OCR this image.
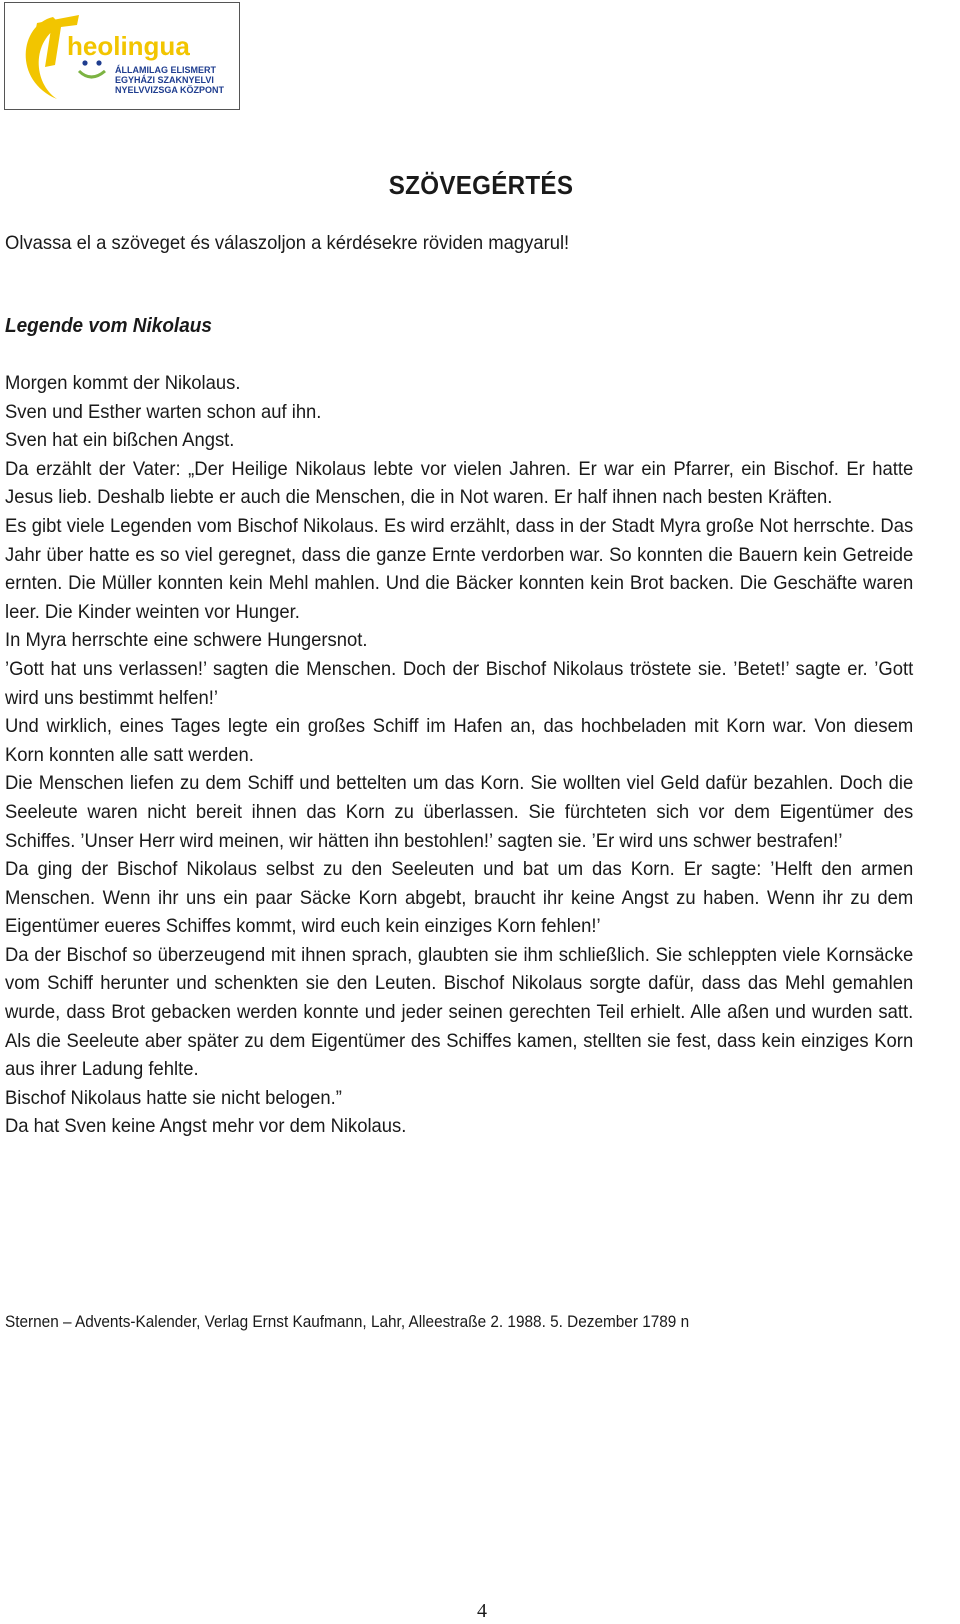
heolingua
ÁLLAMILAG ELISMERT
EGYHÁZI SZAKNYELVI
NYELVVIZSGA KÖZPONT
SZÖVEGÉRTÉS
Olvassa el a szöveget és válaszoljon a kérdésekre röviden magyarul!
Legende vom Nikolaus

Morgen kommt der Nikolaus.

Sven und Esther warten schon auf ihn.

Sven hat ein bißchen Angst.

Da erzählt der Vater: „Der Heilige Nikolaus lebte vor vielen Jahren. Er war ein Pfarrer, ein Bischof. Er hatte Jesus lieb. Deshalb liebte er auch die Menschen, die in Not waren. Er half ihnen nach besten Kräften.

Es gibt viele Legenden vom Bischof Nikolaus. Es wird erzählt, dass in der Stadt Myra große Not herrschte. Das Jahr über hatte es so viel geregnet, dass die ganze Ernte verdorben war. So konnten die Bauern kein Getreide ernten. Die Müller konnten kein Mehl mahlen. Und die Bäcker konnten kein Brot backen. Die Geschäfte waren leer. Die Kinder weinten vor Hunger.

In Myra herrschte eine schwere Hungersnot.

’Gott hat uns verlassen!’ sagten die Menschen. Doch der Bischof Nikolaus tröstete sie. ’Betet!’ sagte er. ’Gott wird uns bestimmt helfen!’

Und wirklich, eines Tages legte ein großes Schiff im Hafen an, das hochbeladen mit Korn war. Von diesem Korn konnten alle satt werden.

Die Menschen liefen zu dem Schiff und bettelten um das Korn. Sie wollten viel Geld dafür bezahlen. Doch die Seeleute waren nicht bereit ihnen das Korn zu überlassen. Sie fürchteten sich vor dem Eigentümer des Schiffes. ’Unser Herr wird meinen, wir hätten ihn bestohlen!’ sagten sie. ’Er wird uns schwer bestrafen!’

Da ging der Bischof Nikolaus selbst zu den Seeleuten und bat um das Korn. Er sagte: ’Helft den armen Menschen. Wenn ihr uns ein paar Säcke Korn abgebt, braucht ihr keine Angst zu haben. Wenn ihr zu dem Eigentümer eueres Schiffes kommt, wird euch kein einziges Korn fehlen!’

Da der Bischof so überzeugend mit ihnen sprach, glaubten sie ihm schließlich. Sie schleppten viele Kornsäcke vom Schiff herunter und schenkten sie den Leuten. Bischof Nikolaus sorgte dafür, dass das Mehl gemahlen wurde, dass Brot gebacken werden konnte und jeder seinen gerechten Teil erhielt. Alle aßen und wurden satt. Als die Seeleute aber später zu dem Eigentümer des Schiffes kamen, stellten sie fest, dass kein einziges Korn aus ihrer Ladung fehlte.

Bischof Nikolaus hatte sie nicht belogen.”

Da hat Sven keine Angst mehr vor dem Nikolaus.

Sternen – Advents-Kalender, Verlag Ernst Kaufmann, Lahr, Alleestraße 2. 1988. 5. Dezember 1789 n
4
